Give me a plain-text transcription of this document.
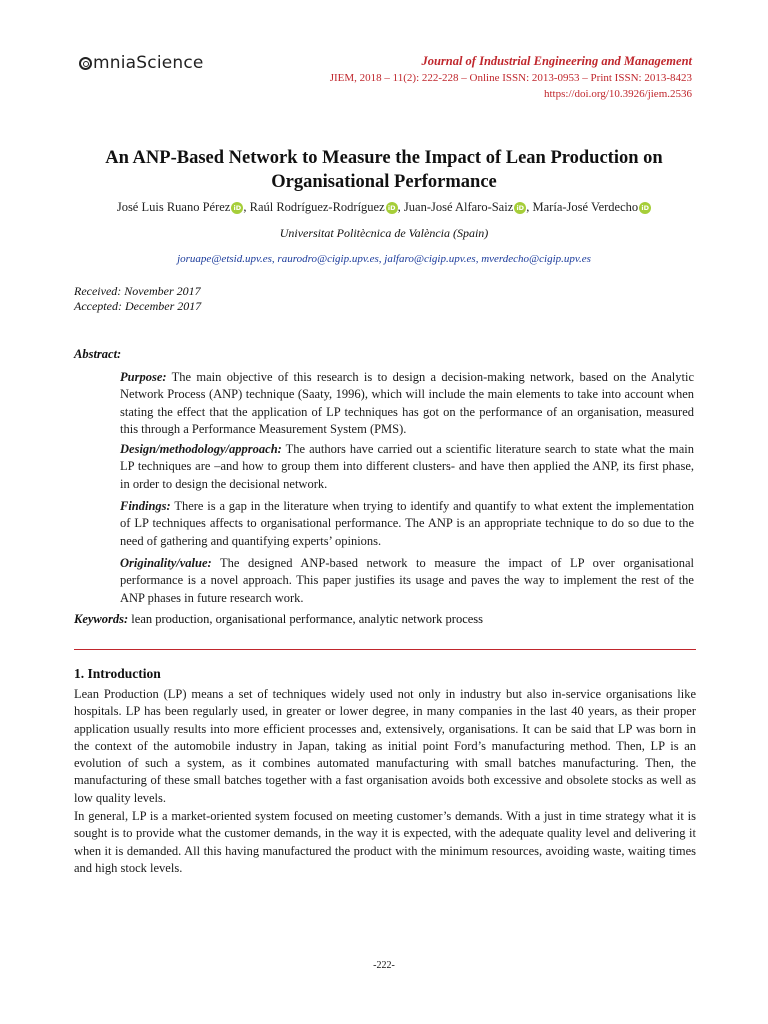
mniaScience	Journal of Industrial Engineering and Management
JIEM, 2018 – 11(2): 222-228 – Online ISSN: 2013-0953 – Print ISSN: 2013-8423
https://doi.org/10.3926/jiem.2536
An ANP-Based Network to Measure the Impact of Lean Production on
Organisational Performance
José Luis Ruano Pérez iD , Raúl Rodríguez-Rodríguez iD , Juan-José Alfaro-Saiz iD , María-José Verdecho iD
Universitat Politècnica de València (Spain)
joruape@etsid.upv.es, raurodro@cigip.upv.es, jalfaro@cigip.upv.es, mverdecho@cigip.upv.es
Received: November 2017
Accepted: December 2017
Abstract:
Purpose: The main objective of this research is to design a decision-making network, based on the Analytic Network Process (ANP) technique (Saaty, 1996), which will include the main elements to take into account when stating the effect that the application of LP techniques has got on the performance of an organisation, measured this through a Performance Measurement System (PMS).
Design/methodology/approach: The authors have carried out a scientific literature search to state what the main LP techniques are –and how to group them into different clusters- and have then applied the ANP, its first phase, in order to design the decisional network.
Findings: There is a gap in the literature when trying to identify and quantify to what extent the implementation of LP techniques affects to organisational performance. The ANP is an appropriate technique to do so due to the need of gathering and quantifying experts’ opinions.
Originality/value: The designed ANP-based network to measure the impact of LP over organisational performance is a novel approach. This paper justifies its usage and paves the way to implement the rest of the ANP phases in future research work.
Keywords: lean production, organisational performance, analytic network process
1. Introduction
Lean Production (LP) means a set of techniques widely used not only in industry but also in-service organisations like hospitals. LP has been regularly used, in greater or lower degree, in many companies in the last 40 years, as their proper application usually results into more efficient processes and, extensively, organisations. It can be said that LP was born in the context of the automobile industry in Japan, taking as initial point Ford’s manufacturing method. Then, LP is an evolution of such a system, as it combines automated manufacturing with small batches manufacturing. Then, the manufacturing of these small batches together with a fast organisation avoids both excessive and obsolete stocks as well as low quality levels.
In general, LP is a market-oriented system focused on meeting customer’s demands. With a just in time strategy what it is sought is to provide what the customer demands, in the way it is expected, with the adequate quality level and delivering it when it is demanded. All this having manufactured the product with the minimum resources, avoiding waste, waiting times and high stock levels.
-222-
